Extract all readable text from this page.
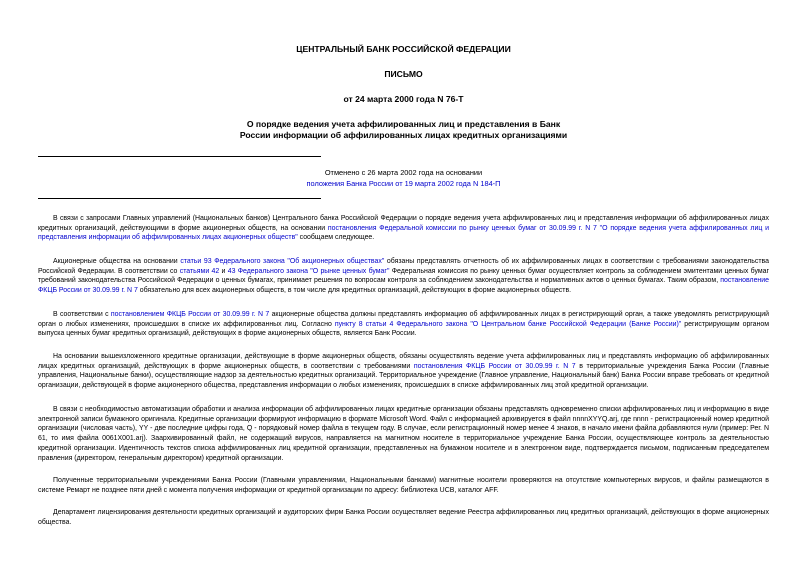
ЦЕНТРАЛЬНЫЙ БАНК РОССИЙСКОЙ ФЕДЕРАЦИИ
ПИСЬМО
от 24 марта 2000 года N 76-Т
О порядке ведения учета аффилированных лиц и представления в Банк
России информации об аффилированных лицах кредитных организациями
Отменено с 26 марта 2002 года на основании
положения Банка России от 19 марта 2002 года N 184-П
В связи с запросами Главных управлений (Национальных банков) Центрального банка Российской Федерации о порядке ведения учета аффилированных лиц и представления информации об аффилированных лицах кредитных организаций, действующими в форме акционерных обществ, на основании постановления Федеральной комиссии по рынку ценных бумаг от 30.09.99 г. N 7 "О порядке ведения учета аффилированных лиц и представления информации об аффилированных лицах акционерных обществ" сообщаем следующее.
Акционерные общества на основании статьи 93 Федерального закона "Об акционерных обществах" обязаны представлять отчетность об их аффилированных лицах в соответствии с требованиями законодательства Российской Федерации. В соответствии со статьями 42 и 43 Федерального закона "О рынке ценных бумаг" Федеральная комиссия по рынку ценных бумаг осуществляет контроль за соблюдением эмитентами ценных бумаг требований законодательства Российской Федерации о ценных бумагах, принимает решения по вопросам контроля за соблюдением законодательства и нормативных актов о ценных бумагах. Таким образом, постановление ФКЦБ России от 30.09.99 г. N 7 обязательно для всех акционерных обществ, в том числе для кредитных организаций, действующих в форме акционерных обществ.
В соответствии с постановлением ФКЦБ России от 30.09.99 г. N 7 акционерные общества должны представлять информацию об аффилированных лицах в регистрирующий орган, а также уведомлять регистрирующий орган о любых изменениях, происшедших в списке их аффилированных лиц. Согласно пункту 8 статьи 4 Федерального закона "О Центральном банке Российской Федерации (Банке России)" регистрирующим органом выпуска ценных бумаг кредитных организаций, действующих в форме акционерных обществ, является Банк России.
На основании вышеизложенного кредитные организации, действующие в форме акционерных обществ, обязаны осуществлять ведение учета аффилированных лиц и представлять информацию об аффилированных лицах кредитных организаций, действующих в форме акционерных обществ, в соответствии с требованиями постановления ФКЦБ России от 30.09.99 г. N 7 в территориальные учреждения Банка России (Главные управления, Национальные банки), осуществляющие надзор за деятельностью кредитных организаций. Территориальное учреждение (Главное управление, Национальный банк) Банка России вправе требовать от кредитной организации, действующей в форме акционерного общества, представления информации о любых изменениях, происшедших в списке аффилированных лиц этой кредитной организации.
В связи с необходимостью автоматизации обработки и анализа информации об аффилированных лицах кредитные организации обязаны представлять одновременно списки аффилированных лиц и информацию в виде электронной записи бумажного оригинала. Кредитные организации формируют информацию в формате Microsoft Word. Файл с информацией архивируется в файл nnnnXYYQ.arj, где nnnn - регистрационный номер кредитной организации (числовая часть), YY - две последние цифры года, Q - порядковый номер файла в текущем году. В случае, если регистрационный номер менее 4 знаков, в начало имени файла добавляются нули (пример: Рег. N 61, то имя файла 0061X001.arj). Заархивированный файл, не содержащий вирусов, направляется на магнитном носителе в территориальное учреждение Банка России, осуществляющее контроль за деятельностью кредитной организации. Идентичность текстов списка аффилированных лиц кредитной организации, представленных на бумажном носителе и в электронном виде, подтверждается письмом, подписанным председателем правления (директором, генеральным директором) кредитной организации.
Полученные территориальными учреждениями Банка России (Главными управлениями, Национальными банками) магнитные носители проверяются на отсутствие компьютерных вирусов, и файлы размещаются в системе Ремарт не позднее пяти дней с момента получения информации от кредитной организации по адресу: библиотека UCB, каталог AFF.
Департамент лицензирования деятельности кредитных организаций и аудиторских фирм Банка России осуществляет ведение Реестра аффилированных лиц кредитных организаций, действующих в форме акционерных общества.
